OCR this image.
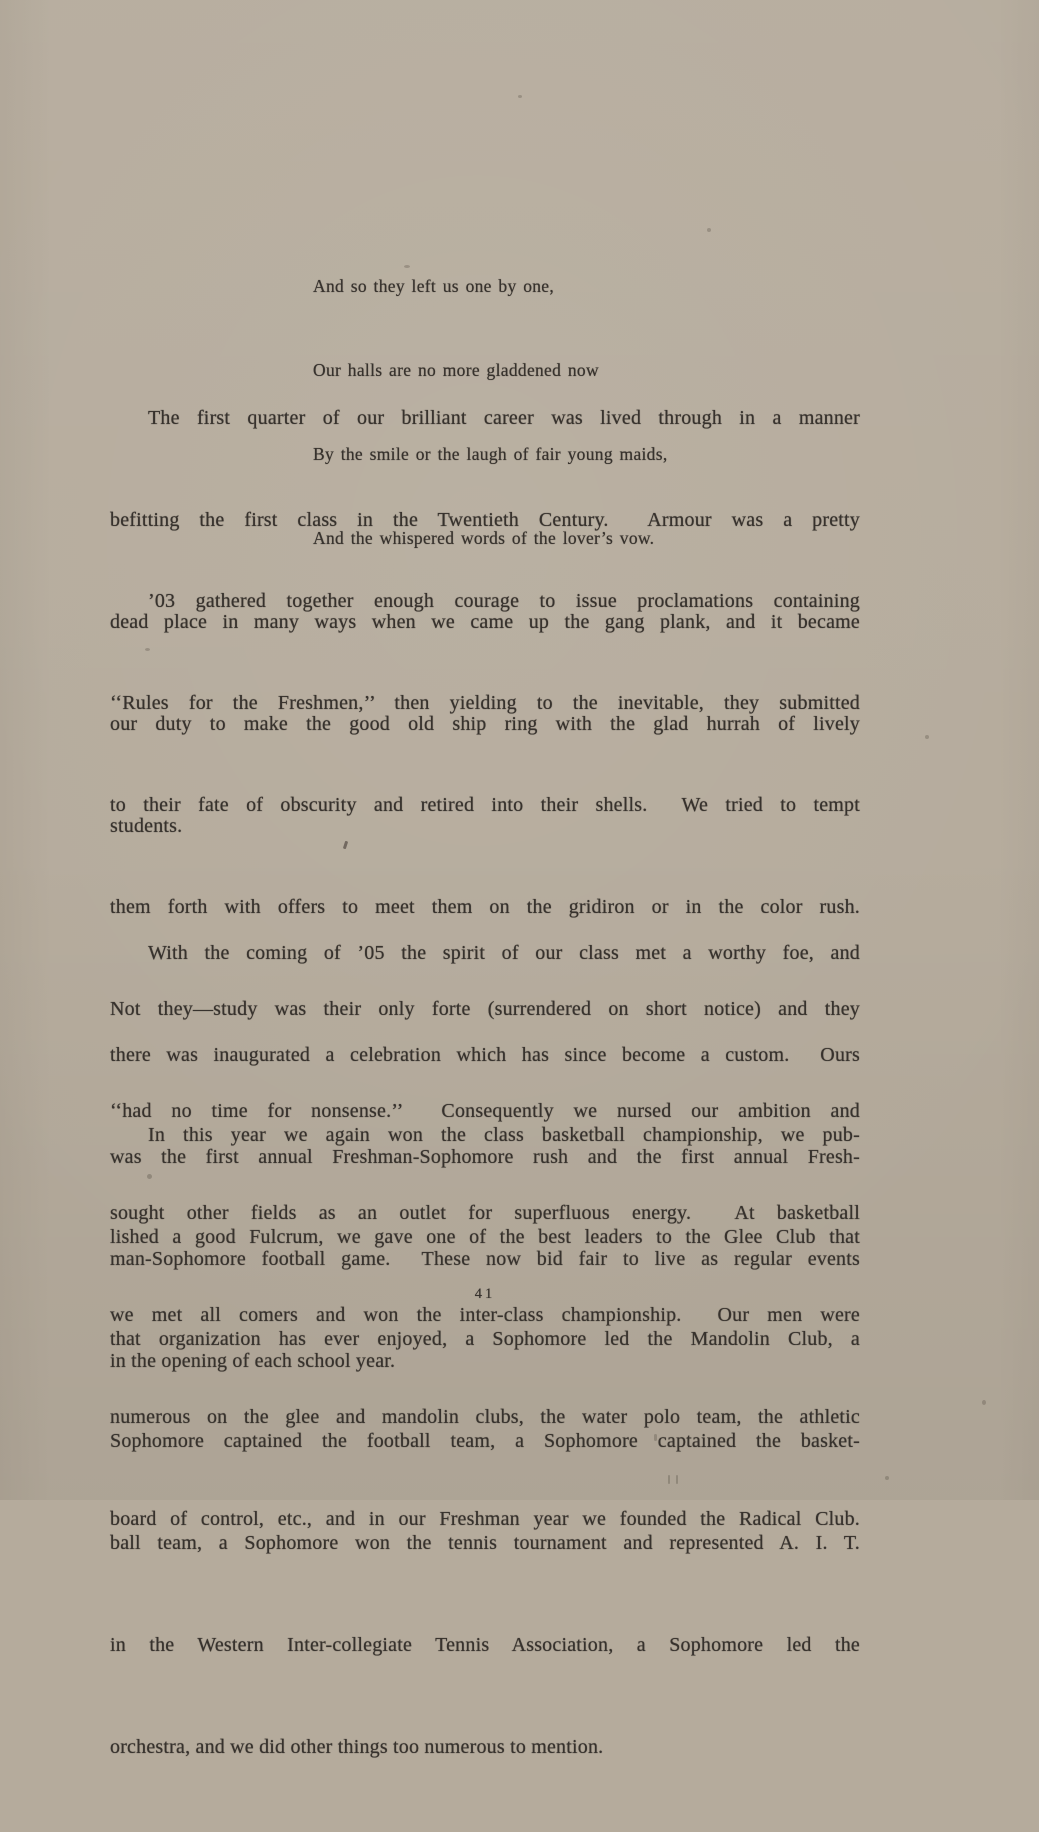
And so they left us one by one,

Our halls are no more gladdened now

By the smile or the laugh of fair young maids,

And the whispered words of the lover’s vow.

The first quarter of our brilliant career was lived through in a manner

befitting the first class in the Twentieth Century.  Armour was a pretty

dead place in many ways when we came up the gang plank, and it became

our duty to make the good old ship ring with the glad hurrah of lively

students.

’03 gathered together enough courage to issue proclamations containing

‘‘Rules for the Freshmen,’’ then yielding to the inevitable, they submitted

to their fate of obscurity and retired into their shells.  We tried to tempt

them forth with offers to meet them on the gridiron or in the color rush.

Not they—study was their only forte (surrendered on short notice) and they

‘‘had no time for nonsense.’’  Consequently we nursed our ambition and

sought other fields as an outlet for superfluous energy.  At basketball

we met all comers and won the inter-class championship.  Our men were

numerous on the glee and mandolin clubs, the water polo team, the athletic

board of control, etc., and in our Freshman year we founded the Radical Club.

With the coming of ’05 the spirit of our class met a worthy foe, and

there was inaugurated a celebration which has since become a custom.  Ours

was the first annual Freshman-Sophomore rush and the first annual Fresh-

man-Sophomore football game.  These now bid fair to live as regular events

in the opening of each school year.

In this year we again won the class basketball championship, we pub-

lished a good Fulcrum, we gave one of the best leaders to the Glee Club that

that organization has ever enjoyed, a Sophomore led the Mandolin Club, a

Sophomore captained the football team, a Sophomore captained the basket-

ball team, a Sophomore won the tennis tournament and represented A. I. T.

in the Western Inter-collegiate Tennis Association, a Sophomore led the

orchestra, and we did other things too numerous to mention.

41
